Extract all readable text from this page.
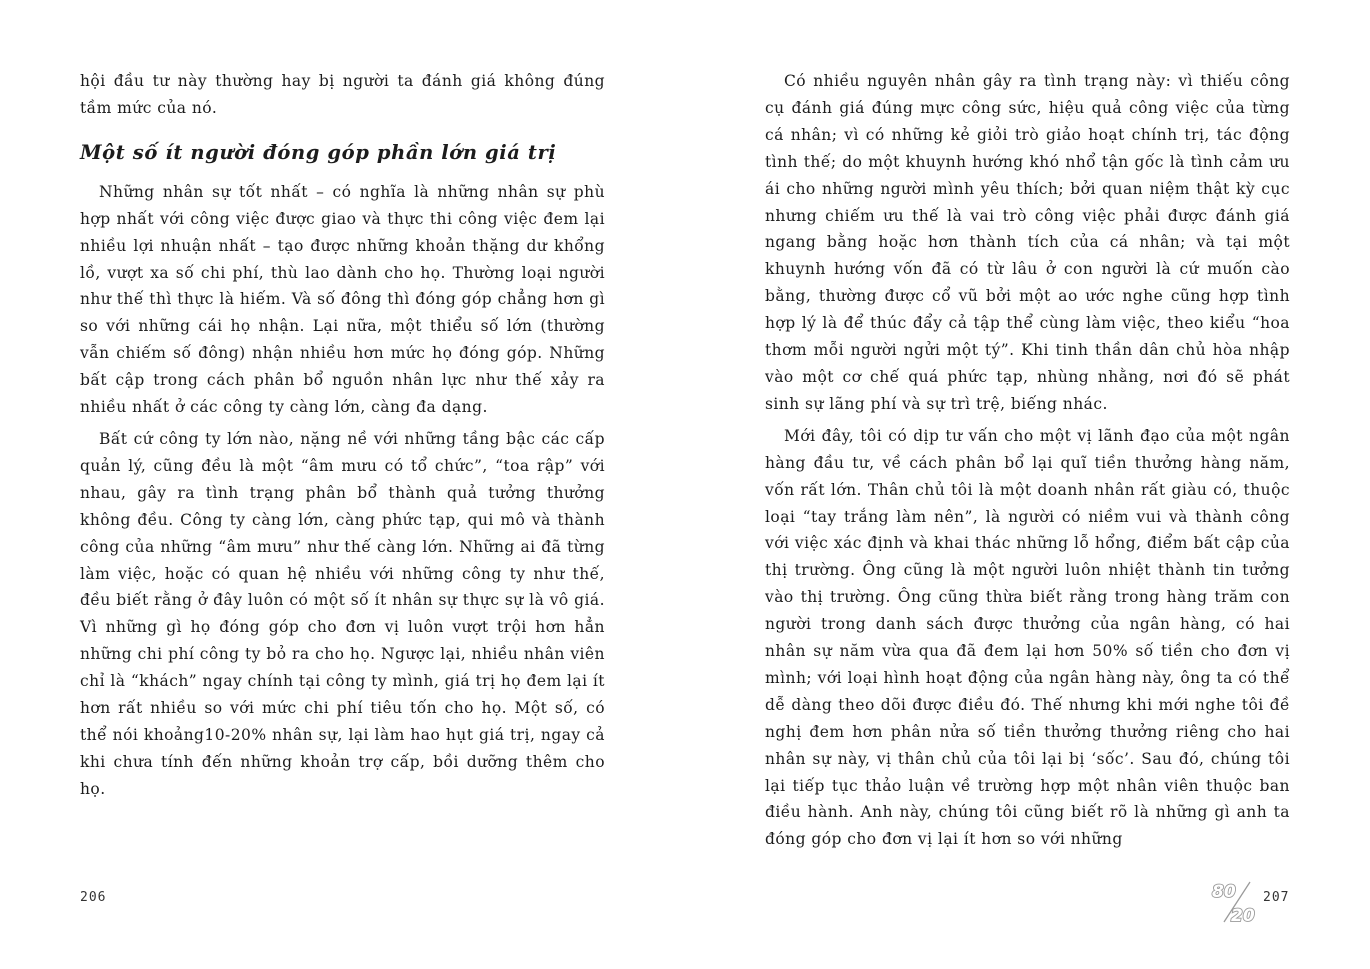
hội đầu tư này thường hay bị người ta đánh giá không đúng tầm mức của nó.

Một số ít người đóng góp phần lớn giá trị

Những nhân sự tốt nhất – có nghĩa là những nhân sự phù hợp nhất với công việc được giao và thực thi công việc đem lại nhiều lợi nhuận nhất – tạo được những khoản thặng dư khổng lồ, vượt xa số chi phí, thù lao dành cho họ. Thường loại người như thế thì thực là hiếm. Và số đông thì đóng góp chẳng hơn gì so với những cái họ nhận. Lại nữa, một thiểu số lớn (thường vẫn chiếm số đông) nhận nhiều hơn mức họ đóng góp. Những bất cập trong cách phân bổ nguồn nhân lực như thế xảy ra nhiều nhất ở các công ty càng lớn, càng đa dạng.

Bất cứ công ty lớn nào, nặng nề với những tầng bậc các cấp quản lý, cũng đều là một “âm mưu có tổ chức”, “toa rập” với nhau, gây ra tình trạng phân bổ thành quả tưởng thưởng không đều. Công ty càng lớn, càng phức tạp, qui mô và thành công của những “âm mưu” như thế càng lớn. Những ai đã từng làm việc, hoặc có quan hệ nhiều với những công ty như thế, đều biết rằng ở đây luôn có một số ít nhân sự thực sự là vô giá. Vì những gì họ đóng góp cho đơn vị luôn vượt trội hơn hẳn những chi phí công ty bỏ ra cho họ. Ngược lại, nhiều nhân viên chỉ là “khách” ngay chính tại công ty mình, giá trị họ đem lại ít hơn rất nhiều so với mức chi phí tiêu tốn cho họ. Một số, có thể nói khoảng10-20% nhân sự, lại làm hao hụt giá trị, ngay cả khi chưa tính đến những khoản trợ cấp, bồi dưỡng thêm cho họ.

206

Có nhiều nguyên nhân gây ra tình trạng này: vì thiếu công cụ đánh giá đúng mực công sức, hiệu quả công việc của từng cá nhân; vì có những kẻ giỏi trò giảo hoạt chính trị, tác động tình thế; do một khuynh hướng khó nhổ tận gốc là tình cảm ưu ái cho những người mình yêu thích; bởi quan niệm thật kỳ cục nhưng chiếm ưu thế là vai trò công việc phải được đánh giá ngang bằng hoặc hơn thành tích của cá nhân; và tại một khuynh hướng vốn đã có từ lâu ở con người là cứ muốn cào bằng, thường được cổ vũ bởi một ao ước nghe cũng hợp tình hợp lý là để thúc đẩy cả tập thể cùng làm việc, theo kiểu “hoa thơm mỗi người ngửi một tý”. Khi tinh thần dân chủ hòa nhập vào một cơ chế quá phức tạp, nhùng nhằng, nơi đó sẽ phát sinh sự lãng phí và sự trì trệ, biếng nhác.

Mới đây, tôi có dịp tư vấn cho một vị lãnh đạo của một ngân hàng đầu tư, về cách phân bổ lại quĩ tiền thưởng hàng năm, vốn rất lớn. Thân chủ tôi là một doanh nhân rất giàu có, thuộc loại “tay trắng làm nên”, là người có niềm vui và thành công với việc xác định và khai thác những lỗ hổng, điểm bất cập của thị trường. Ông cũng là một người luôn nhiệt thành tin tưởng vào thị trường. Ông cũng thừa biết rằng trong hàng trăm con người trong danh sách được thưởng của ngân hàng, có hai nhân sự năm vừa qua đã đem lại hơn 50% số tiền cho đơn vị mình; với loại hình hoạt động của ngân hàng này, ông ta có thể dễ dàng theo dõi được điều đó. Thế nhưng khi mới nghe tôi đề nghị đem hơn phân nửa số tiền thưởng thưởng riêng cho hai nhân sự này, vị thân chủ của tôi lại bị ‘sốc’. Sau đó, chúng tôi lại tiếp tục thảo luận về trường hợp một nhân viên thuộc ban điều hành. Anh này, chúng tôi cũng biết rõ là những gì anh ta đóng góp cho đơn vị lại ít hơn so với những

80
20
207
